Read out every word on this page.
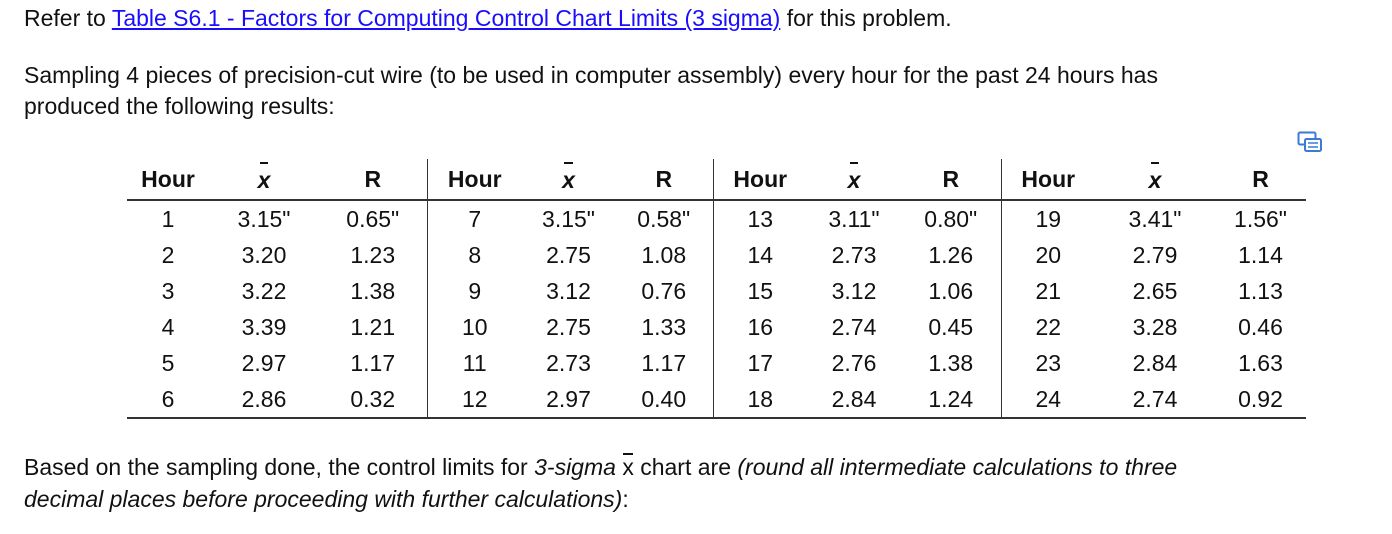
Refer to Table S6.1 - Factors for Computing Control Chart Limits (3 sigma) for this problem.
Sampling 4 pieces of precision-cut wire (to be used in computer assembly) every hour for the past 24 hours has
produced the following results:
Hour	x	R	Hour	x	R	Hour	x	R	Hour	x	R
1	3.15"	0.65"	7	3.15"	0.58"	13	3.11"	0.80"	19	3.41"	1.56"
2	3.20	1.23	8	2.75	1.08	14	2.73	1.26	20	2.79	1.14
3	3.22	1.38	9	3.12	0.76	15	3.12	1.06	21	2.65	1.13
4	3.39	1.21	10	2.75	1.33	16	2.74	0.45	22	3.28	0.46
5	2.97	1.17	11	2.73	1.17	17	2.76	1.38	23	2.84	1.63
6	2.86	0.32	12	2.97	0.40	18	2.84	1.24	24	2.74	0.92
Based on the sampling done, the control limits for 3-sigma x chart are (round all intermediate calculations to three
decimal places before proceeding with further calculations):
